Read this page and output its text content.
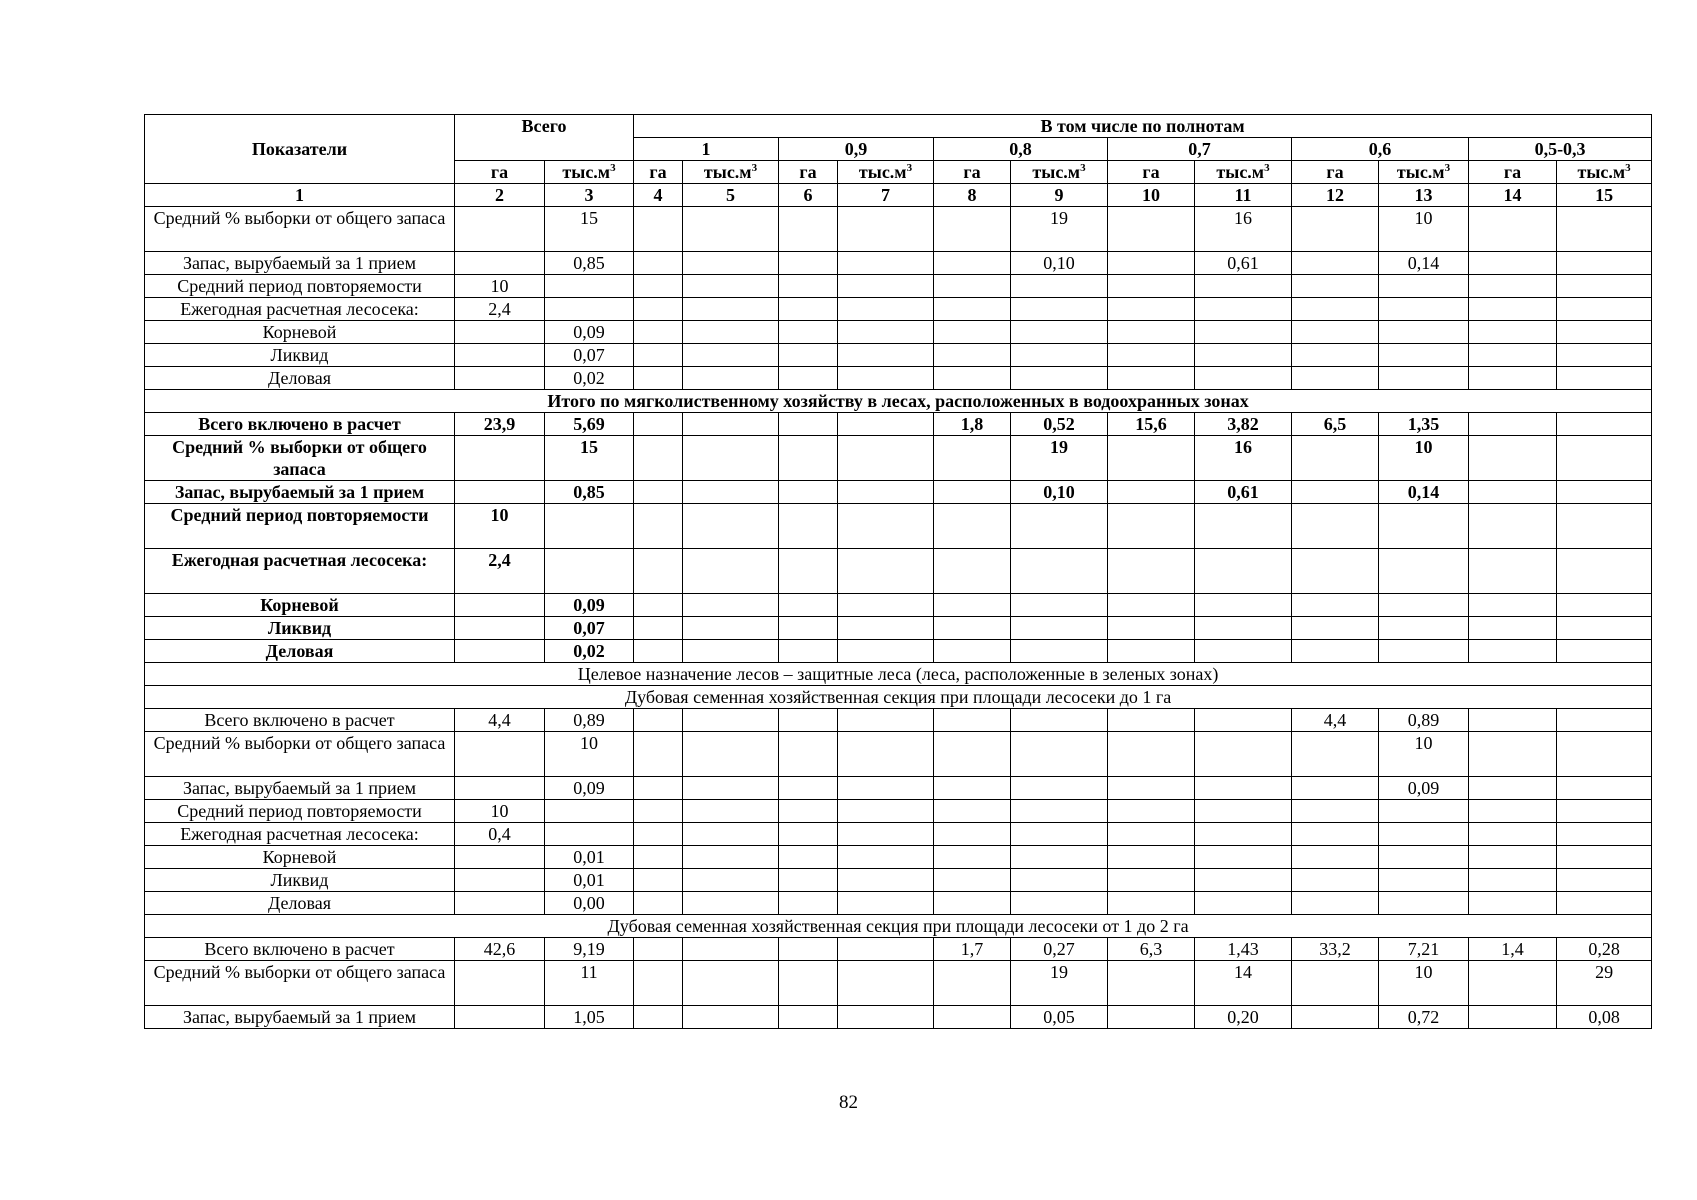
Показатели	Всего		В том числе по полнотам											
			1		0,9		0,8		0,7		0,6		0,5-0,3	
	га	$тыс.м^3$	га	$тыс.м^3$	га	$тыс.м^3$	га	$тыс.м^3$	га	$тыс.м^3$	га	$тыс.м^3$	га	$тыс.м^3$
1	2	3	4	5	6	7	8	9	10	11	12	13	14	15
Средний % выборки от общего запаса		15						19		16		10		
Запас, вырубаемый за 1 прием		0,85						0,10		0,61		0,14		
Средний период повторяемости	10													
Ежегодная расчетная лесосека:	2,4													
Корневой		0,09												
Ликвид		0,07												
Деловая		0,02												
Итого по мягколиственному хозяйству в лесах, расположенных в водоохранных зонах														
Всего включено в расчет	23,9	5,69					1,8	0,52	15,6	3,82	6,5	1,35		
Средний % выборки от общего запаса		15						19		16		10		
Запас, вырубаемый за 1 прием		0,85						0,10		0,61		0,14		
Средний период повторяемости	10													
Ежегодная расчетная лесосека:	2,4													
Корневой		0,09												
Ликвид		0,07												
Деловая		0,02												
Целевое назначение лесов – защитные леса (леса, расположенные в зеленых зонах)														
Дубовая семенная хозяйственная секция при площади лесосеки до 1 га														
Всего включено в расчет	4,4	0,89									4,4	0,89		
Средний % выборки от общего запаса		10										10		
Запас, вырубаемый за 1 прием		0,09										0,09		
Средний период повторяемости	10													
Ежегодная расчетная лесосека:	0,4													
Корневой		0,01												
Ликвид		0,01												
Деловая		0,00												
Дубовая семенная хозяйственная секция при площади лесосеки от 1 до 2 га														
Всего включено в расчет	42,6	9,19					1,7	0,27	6,3	1,43	33,2	7,21	1,4	0,28
Средний % выборки от общего запаса		11						19		14		10		29
Запас, вырубаемый за 1 прием		1,05						0,05		0,20		0,72		0,08
82
